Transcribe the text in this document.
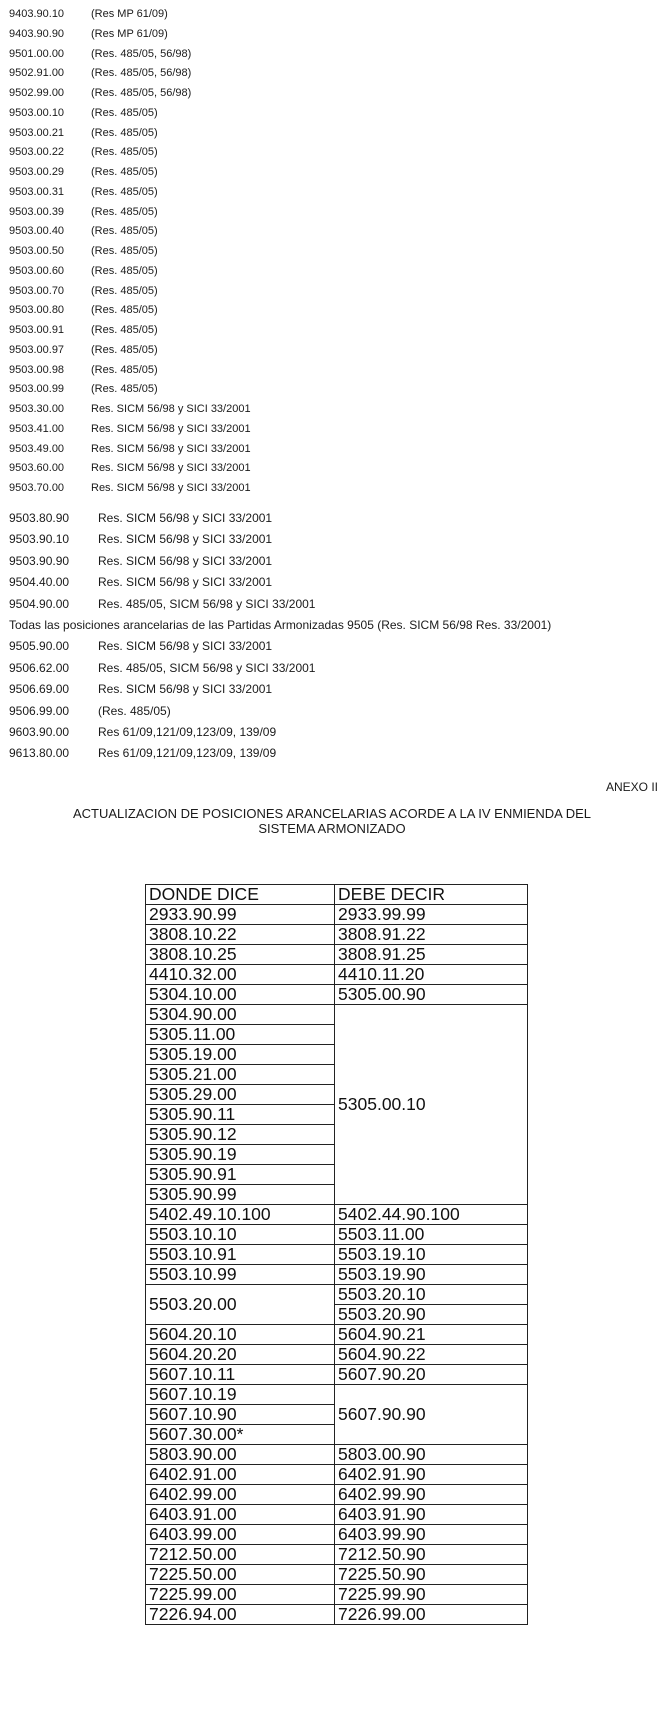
9403.90.10	(Res MP 61/09)
9403.90.90	(Res MP 61/09)
9501.00.00	(Res. 485/05, 56/98)
9502.91.00	(Res. 485/05, 56/98)
9502.99.00	(Res. 485/05, 56/98)
9503.00.10	(Res. 485/05)
9503.00.21	(Res. 485/05)
9503.00.22	(Res. 485/05)
9503.00.29	(Res. 485/05)
9503.00.31	(Res. 485/05)
9503.00.39	(Res. 485/05)
9503.00.40	(Res. 485/05)
9503.00.50	(Res. 485/05)
9503.00.60	(Res. 485/05)
9503.00.70	(Res. 485/05)
9503.00.80	(Res. 485/05)
9503.00.91	(Res. 485/05)
9503.00.97	(Res. 485/05)
9503.00.98	(Res. 485/05)
9503.00.99	(Res. 485/05)
9503.30.00	Res. SICM 56/98 y SICI 33/2001
9503.41.00	Res. SICM 56/98 y SICI 33/2001
9503.49.00	Res. SICM 56/98 y SICI 33/2001
9503.60.00	Res. SICM 56/98 y SICI 33/2001
9503.70.00	Res. SICM 56/98 y SICI 33/2001
9503.80.90	Res. SICM 56/98 y SICI 33/2001
9503.90.10	Res. SICM 56/98 y SICI 33/2001
9503.90.90	Res. SICM 56/98 y SICI 33/2001
9504.40.00	Res. SICM 56/98 y SICI 33/2001
9504.90.00	Res. 485/05, SICM 56/98 y SICI 33/2001
Todas las posiciones arancelarias de las Partidas Armonizadas 9505 (Res. SICM 56/98 Res. 33/2001)
9505.90.00	Res. SICM 56/98 y SICI 33/2001
9506.62.00	Res. 485/05, SICM 56/98 y SICI 33/2001
9506.69.00	Res. SICM 56/98 y SICI 33/2001
9506.99.00	(Res. 485/05)
9603.90.00	Res 61/09,121/09,123/09, 139/09
9613.80.00	Res 61/09,121/09,123/09, 139/09
ANEXO II
ACTUALIZACION DE POSICIONES ARANCELARIAS ACORDE A LA IV ENMIENDA DEL
SISTEMA ARMONIZADO
DONDE DICE	DEBE DECIR
2933.90.99	2933.99.99
3808.10.22	3808.91.22
3808.10.25	3808.91.25
4410.32.00	4410.11.20
5304.10.00	5305.00.90
5304.90.00	5305.00.10
5305.11.00	
5305.19.00	
5305.21.00	
5305.29.00	
5305.90.11	
5305.90.12	
5305.90.19	
5305.90.91	
5305.90.99	
5402.49.10.100	5402.44.90.100
5503.10.10	5503.11.00
5503.10.91	5503.19.10
5503.10.99	5503.19.90
5503.20.00	5503.20.10
	5503.20.90
5604.20.10	5604.90.21
5604.20.20	5604.90.22
5607.10.11	5607.90.20
5607.10.19	5607.90.90
5607.10.90	
5607.30.00*	
5803.90.00	5803.00.90
6402.91.00	6402.91.90
6402.99.00	6402.99.90
6403.91.00	6403.91.90
6403.99.00	6403.99.90
7212.50.00	7212.50.90
7225.50.00	7225.50.90
7225.99.00	7225.99.90
7226.94.00	7226.99.00
